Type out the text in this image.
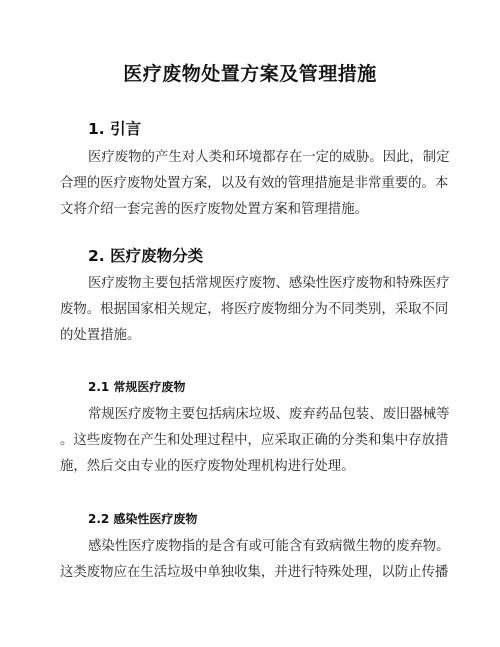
医疗废物处置方案及管理措施
1. 引言
医疗废物的产生对人类和环境都存在一定的威胁。因此，制定
合理的医疗废物处置方案，以及有效的管理措施是非常重要的。本
文将介绍一套完善的医疗废物处置方案和管理措施。
2. 医疗废物分类
医疗废物主要包括常规医疗废物、感染性医疗废物和特殊医疗
废物。根据国家相关规定，将医疗废物细分为不同类别，采取不同
的处置措施。
2.1 常规医疗废物
常规医疗废物主要包括病床垃圾、废弃药品包装、废旧器械等
。这些废物在产生和处理过程中，应采取正确的分类和集中存放措
施，然后交由专业的医疗废物处理机构进行处理。
2.2 感染性医疗废物
感染性医疗废物指的是含有或可能含有致病微生物的废弃物。
这类废物应在生活垃圾中单独收集，并进行特殊处理，以防止传播
